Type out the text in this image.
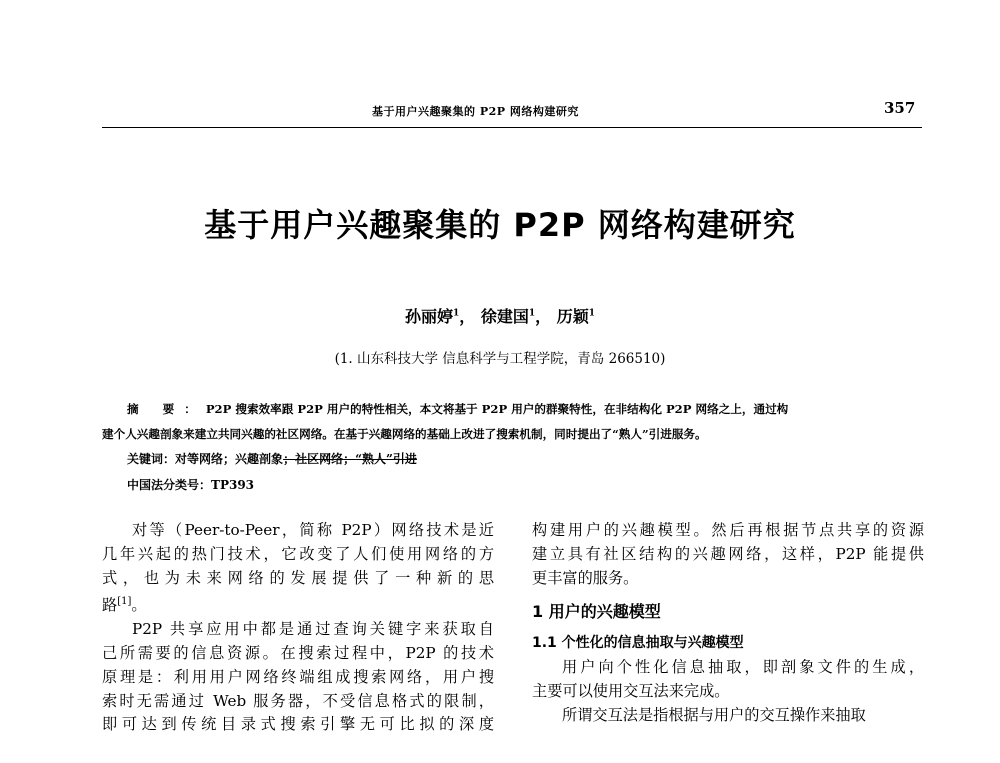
基于用户兴趣聚集的 P2P 网络构建研究	357
基于用户兴趣聚集的 P2P 网络构建研究
孙丽婷$^1$， 徐建国$^1$， 历颖$^1$
(1. 山东科技大学 信息科学与工程学院，青岛 266510)
摘 要：P2P 搜索效率跟 P2P 用户的特性相关，本文将基于 P2P 用户的群聚特性，在非结构化 P2P 网络之上，通过构
建个人兴趣剖象来建立共同兴趣的社区网络。在基于兴趣网络的基础上改进了搜索机制，同时提出了“熟人”引进服务。
关键词：对等网络；兴趣剖象；社区网络；“熟人”引进
中国法分类号：TP393

对等（Peer-to-Peer，简称 P2P）网络技术是近

几年兴起的热门技术，它改变了人们使用网络的方

式，也为未来网络的发展提供了一种新的思

路[1]。

P2P 共享应用中都是通过查询关键字来获取自

己所需要的信息资源。在搜索过程中，P2P 的技术

原理是：利用用户网络终端组成搜索网络，用户搜

索时无需通过 Web 服务器，不受信息格式的限制，

即可达到传统目录式搜索引擎无可比拟的深度

构建用户的兴趣模型。然后再根据节点共享的资源

建立具有社区结构的兴趣网络，这样，P2P 能提供

更丰富的服务。

1 用户的兴趣模型

1.1 个性化的信息抽取与兴趣模型

用户向个性化信息抽取，即剖象文件的生成，

主要可以使用交互法来完成。

所谓交互法是指根据与用户的交互操作来抽取
